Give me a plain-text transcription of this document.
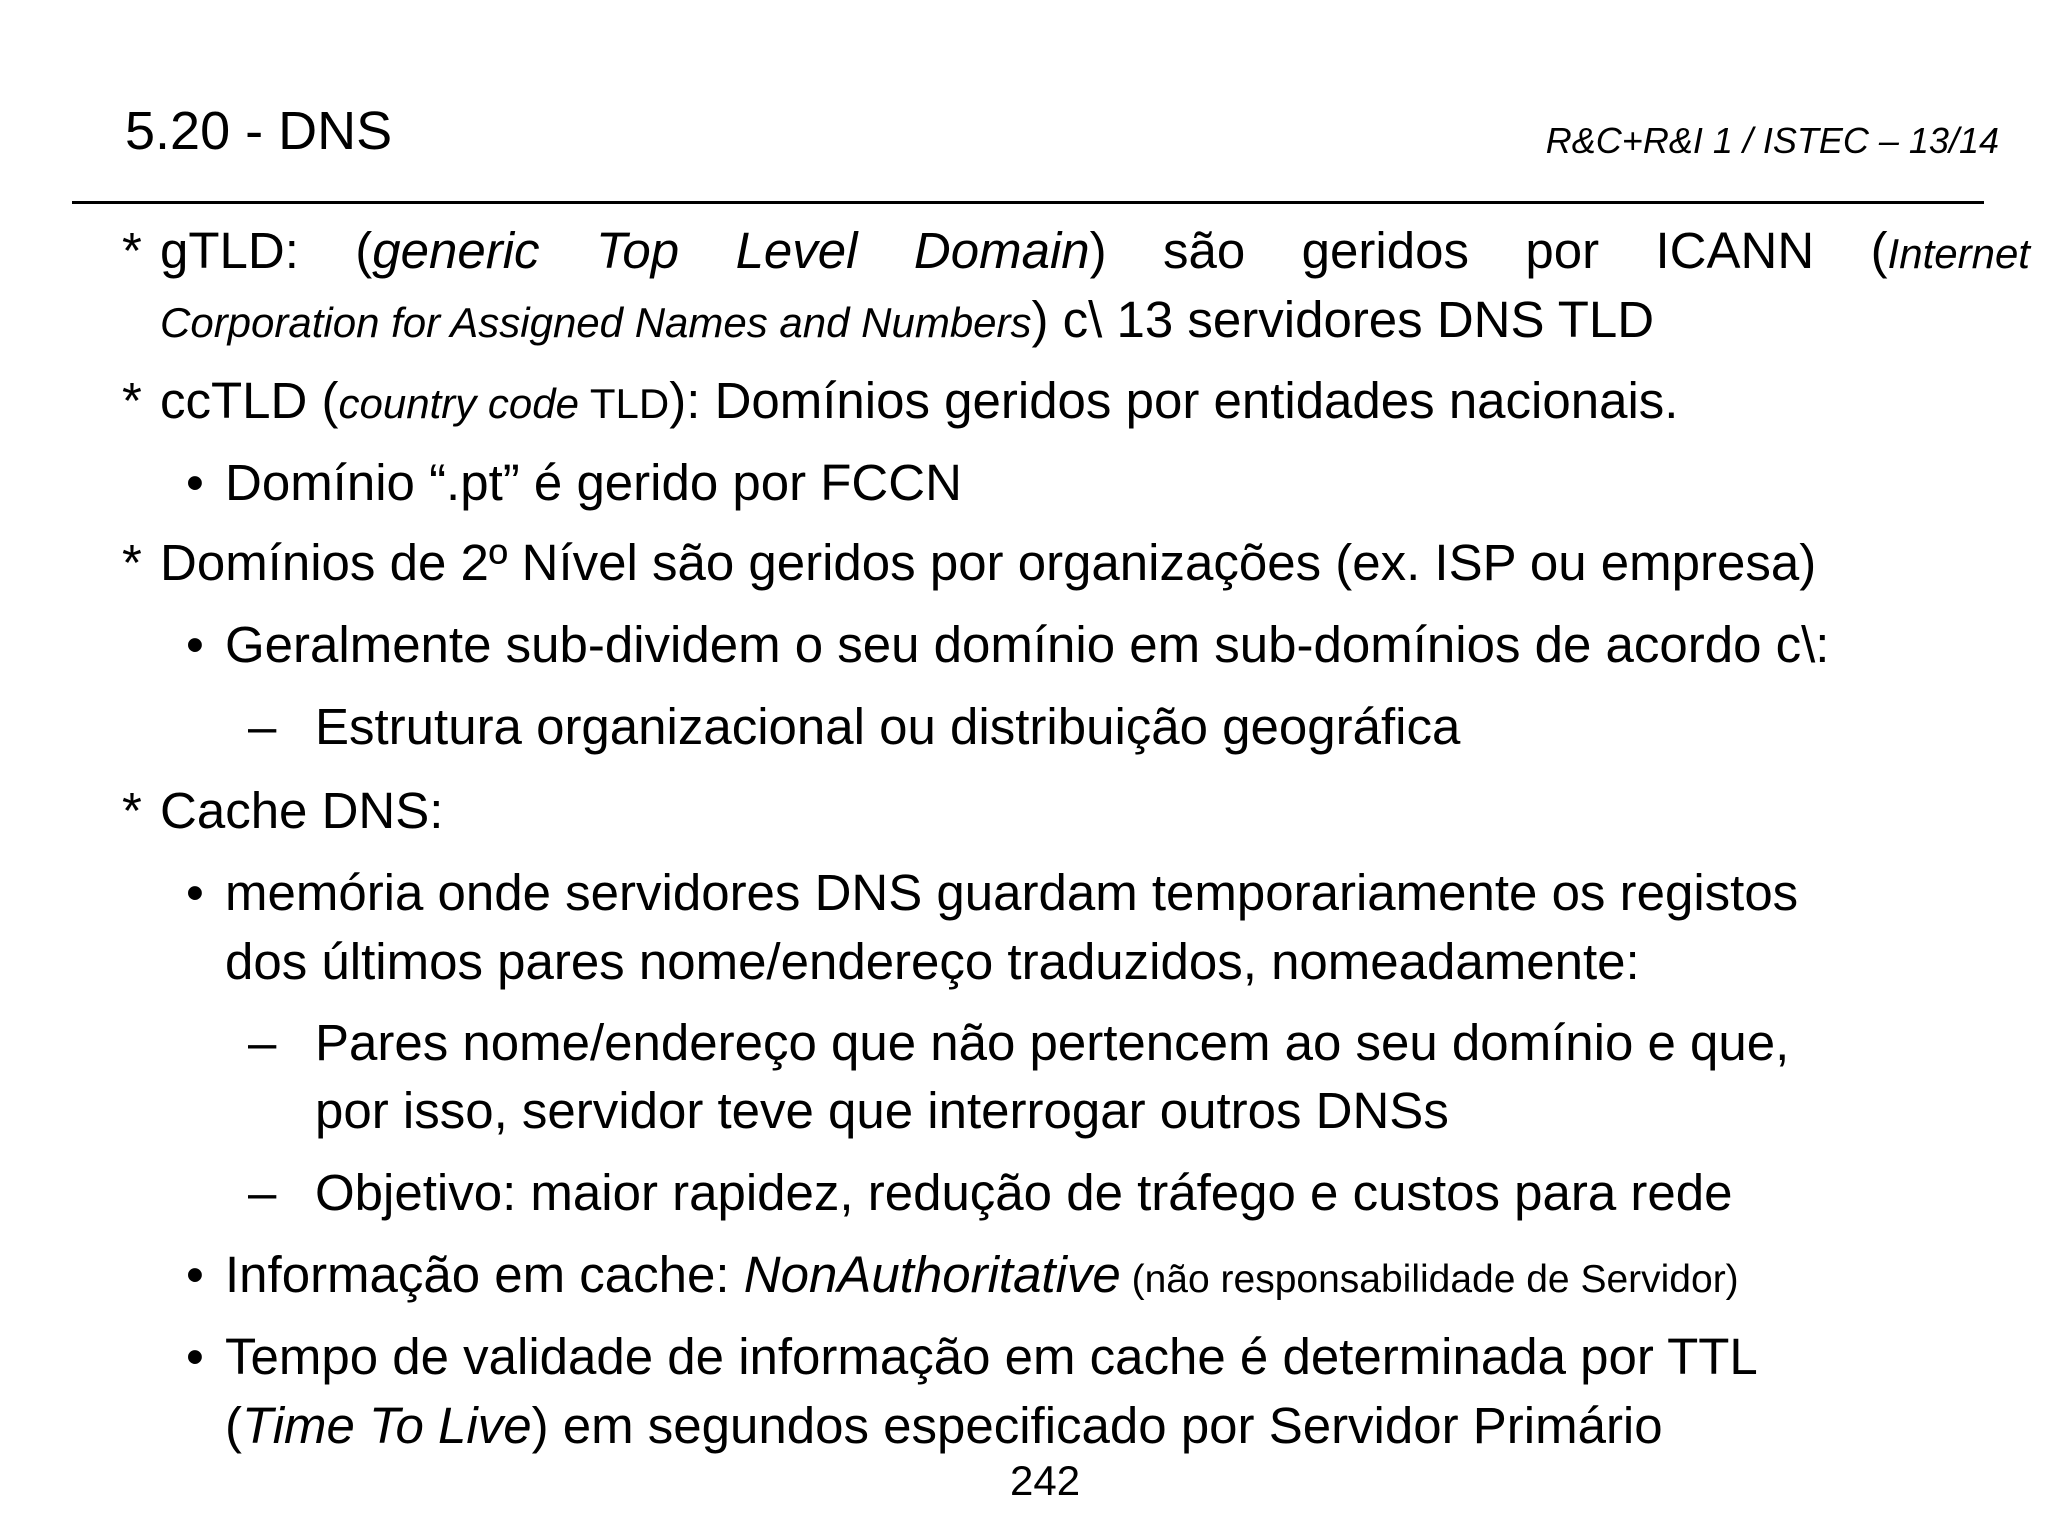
5.20 - DNS	R&C+R&I 1 / ISTEC – 13/14
* gTLD: (generic Top Level Domain) são geridos por ICANN (Internet
Corporation for Assigned Names and Numbers) c\ 13 servidores DNS TLD
* ccTLD (country code TLD): Domínios geridos por entidades nacionais.
• Domínio “.pt” é gerido por FCCN
* Domínios de 2º Nível são geridos por organizações (ex. ISP ou empresa)
• Geralmente sub-dividem o seu domínio em sub-domínios de acordo c\:
– Estrutura organizacional ou distribuição geográfica
* Cache DNS:
• memória onde servidores DNS guardam temporariamente os registos
dos últimos pares nome/endereço traduzidos, nomeadamente:
– Pares nome/endereço que não pertencem ao seu domínio e que,
por isso, servidor teve que interrogar outros DNSs
– Objetivo: maior rapidez, redução de tráfego e custos para rede
• Informação em cache: NonAuthoritative (não responsabilidade de Servidor)
• Tempo de validade de informação em cache é determinada por TTL
(Time To Live) em segundos especificado por Servidor Primário
242
